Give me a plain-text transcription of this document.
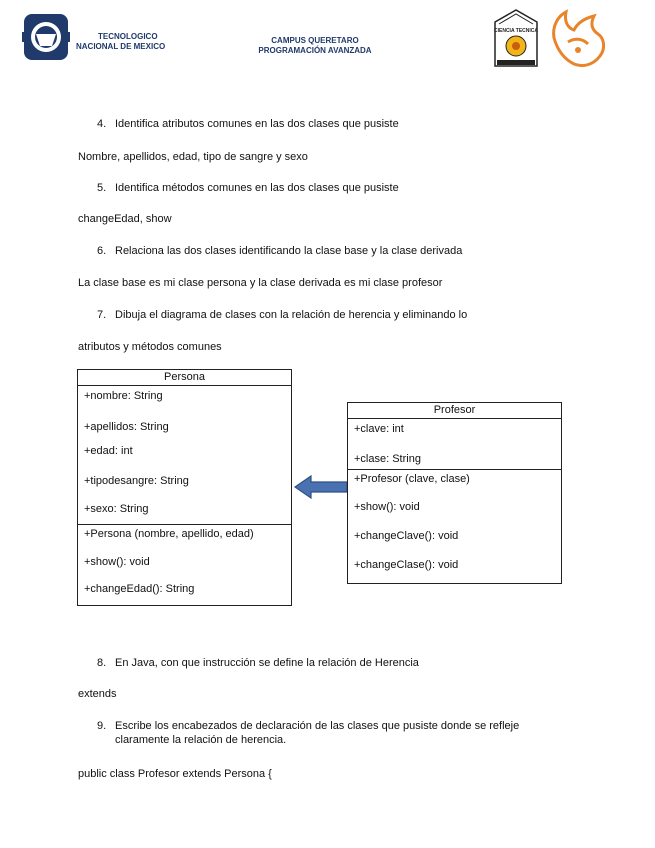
TECNOLOGICO
NACIONAL DE MEXICO
CAMPUS QUERETARO
PROGRAMACIÓN AVANZADA
CIENCIA TECNICA
4. Identifica atributos comunes en las dos clases que pusiste
Nombre, apellidos, edad, tipo de sangre y sexo
5. Identifica métodos comunes en las dos clases que pusiste
changeEdad, show
6. Relaciona las dos clases identificando la clase base y la clase derivada
La clase base es mi clase persona y la clase derivada es mi clase profesor
7. Dibuja el diagrama de clases con la relación de herencia y eliminando lo
atributos y métodos comunes
Persona
+nombre: String
+apellidos: String
+edad: int
+tipodesangre: String
+sexo: String
+Persona (nombre, apellido, edad)
+show(): void
+changeEdad(): String
Profesor
+clave: int
+clase: String
+Profesor (clave, clase)
+show(): void
+changeClave(): void
+changeClase(): void
8. En Java, con que instrucción se define la relación de Herencia
extends
9. Escribe los encabezados de declaración de las clases que pusiste donde se refleje
claramente la relación de herencia.
public class Profesor extends Persona {
